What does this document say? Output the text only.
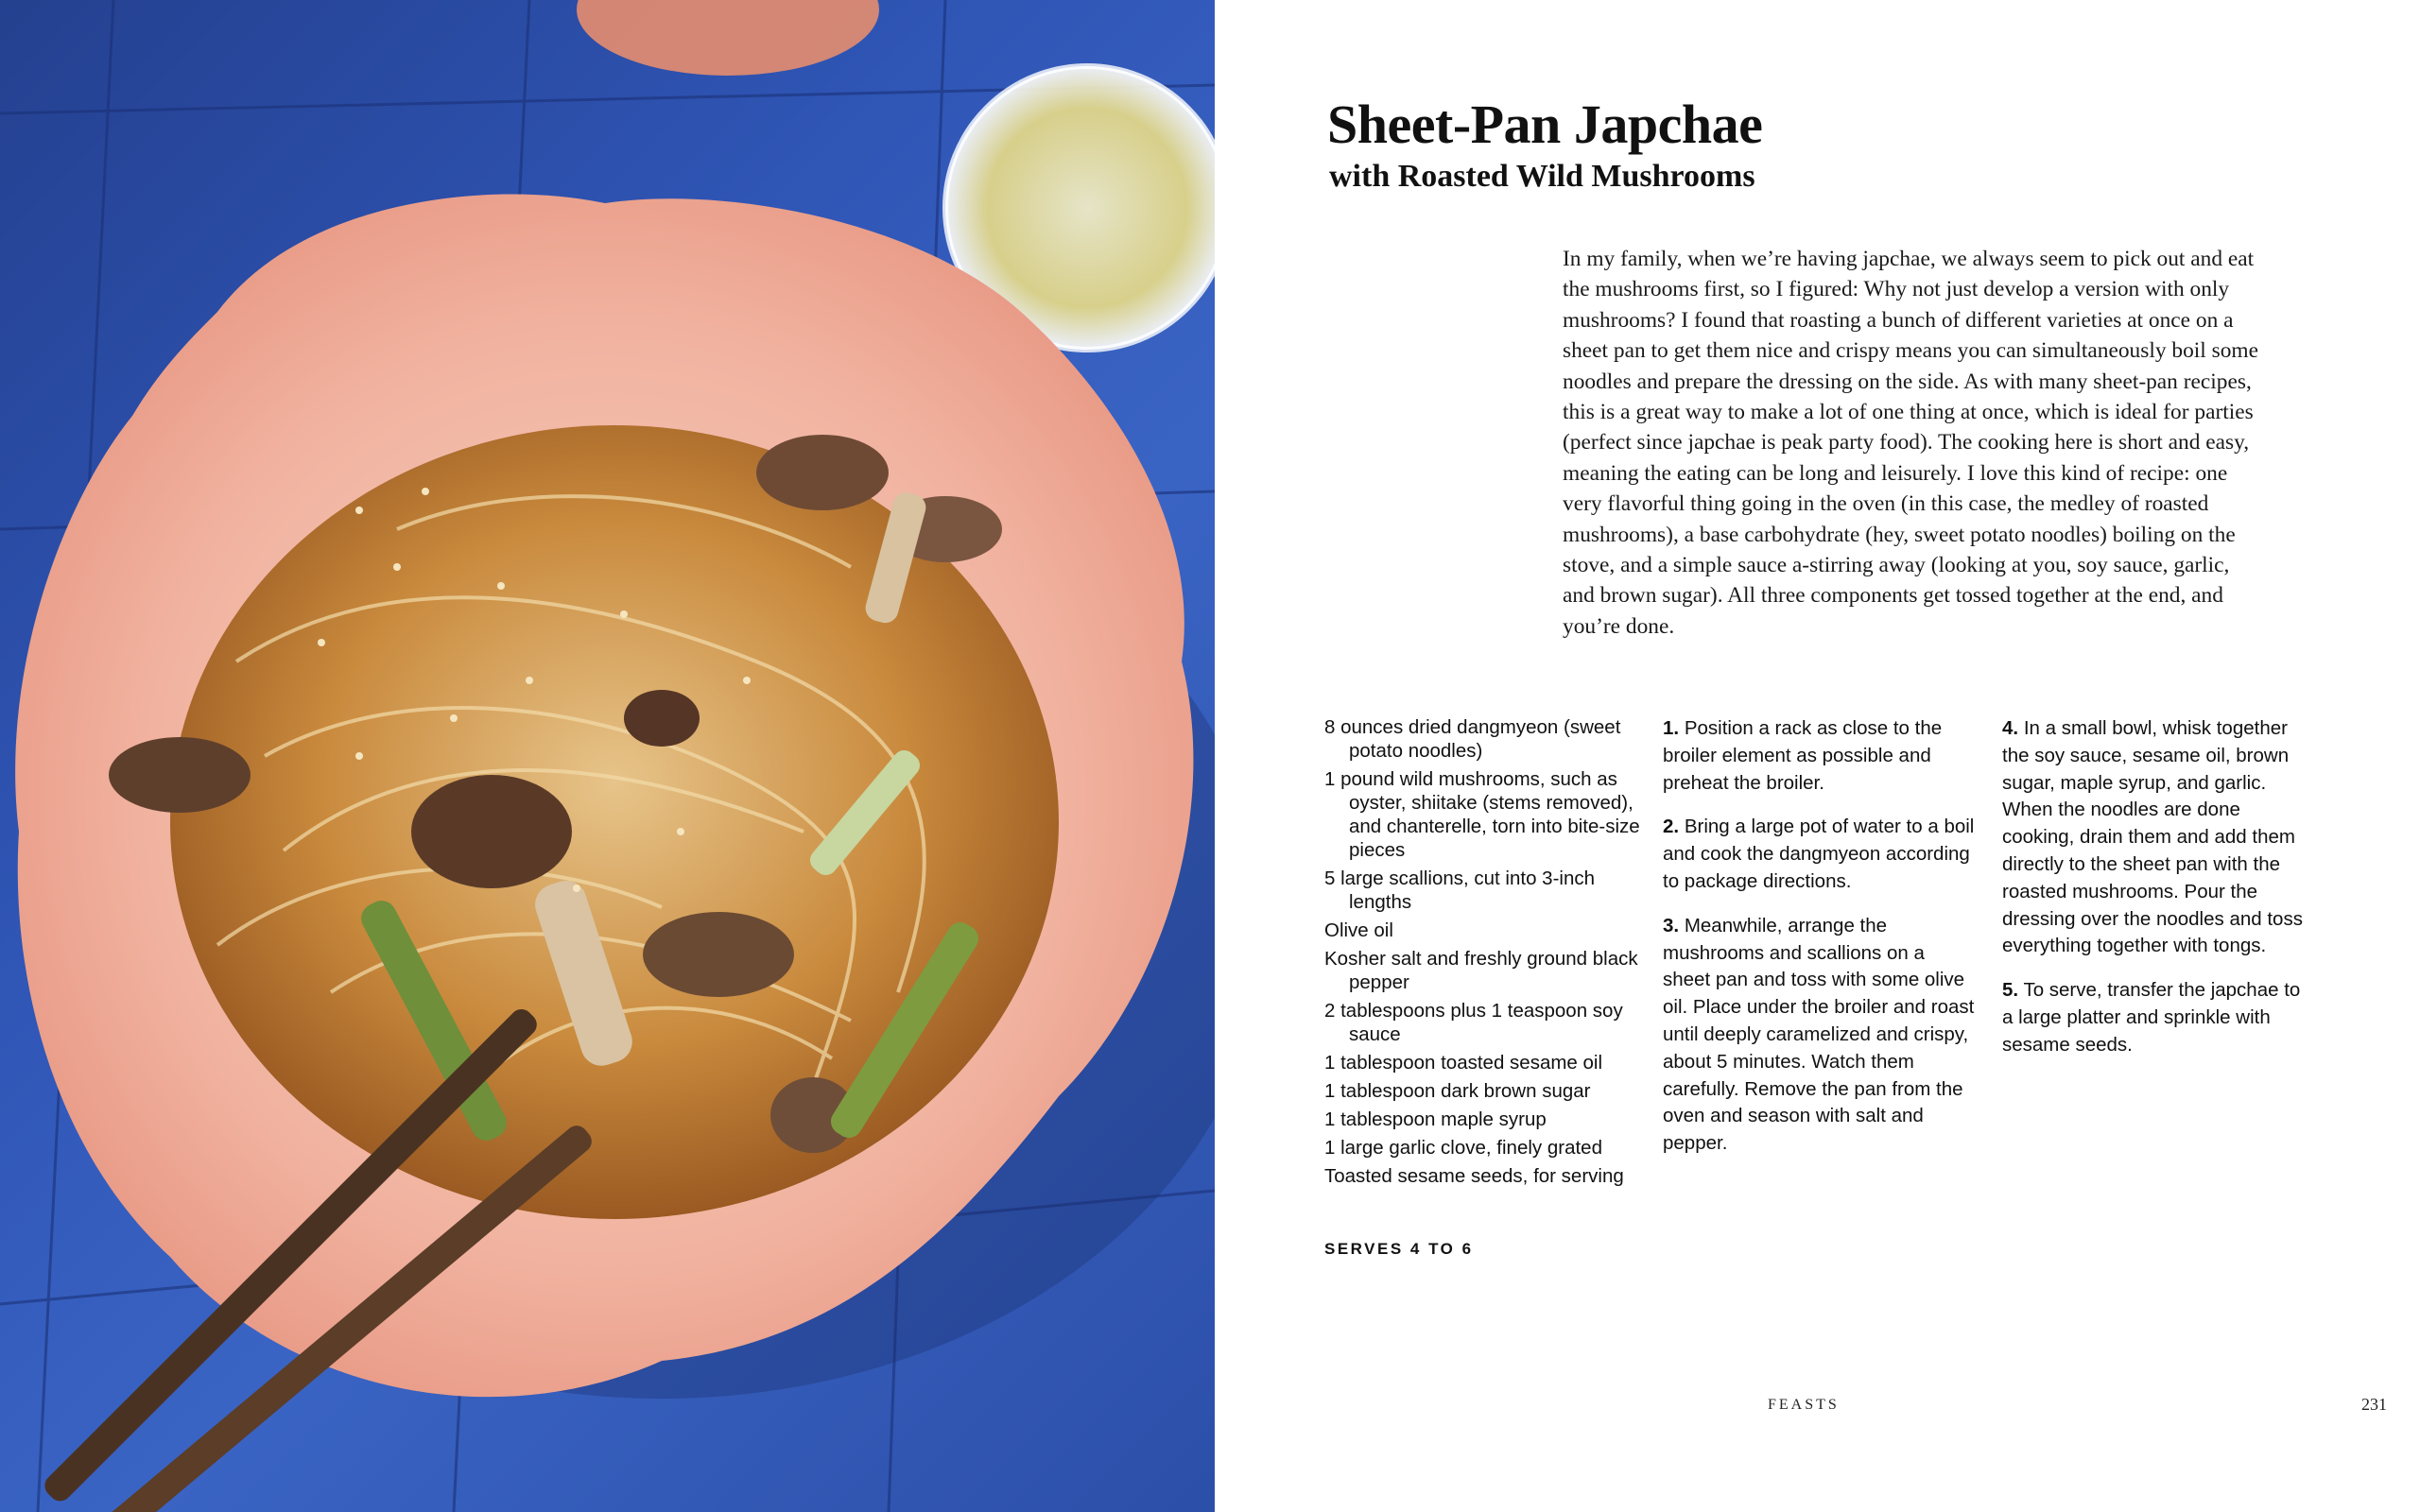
Sheet-Pan Japchae
with Roasted Wild Mushrooms

In my family, when we’re having japchae, we always seem to pick out and eat the mushrooms first, so I figured: Why not just develop a version with only mushrooms? I found that roasting a bunch of different varieties at once on a sheet pan to get them nice and crispy means you can simultaneously boil some noodles and prepare the dressing on the side. As with many sheet-pan recipes, this is a great way to make a lot of one thing at once, which is ideal for parties (perfect since japchae is peak party food). The cooking here is short and easy, meaning the eating can be long and leisurely. I love this kind of recipe: one very flavorful thing going in the oven (in this case, the medley of roasted mushrooms), a base carbohydrate (hey, sweet potato noodles) boiling on the stove, and a simple sauce a-stirring away (looking at you, soy sauce, garlic, and brown sugar). All three components get tossed together at the end, and you’re done.

8 ounces dried dangmyeon (sweet potato noodles)
1 pound wild mushrooms, such as oyster, shiitake (stems removed), and chanterelle, torn into bite-size pieces
5 large scallions, cut into 3-inch lengths
Olive oil
Kosher salt and freshly ground black pepper
2 tablespoons plus 1 teaspoon soy sauce
1 tablespoon toasted sesame oil
1 tablespoon dark brown sugar
1 tablespoon maple syrup
1 large garlic clove, finely grated
Toasted sesame seeds, for serving

SERVES 4 TO 6

1. Position a rack as close to the broiler element as possible and preheat the broiler.

2. Bring a large pot of water to a boil and cook the dangmyeon according to package directions.

3. Meanwhile, arrange the mushrooms and scallions on a sheet pan and toss with some olive oil. Place under the broiler and roast until deeply caramelized and crispy, about 5 minutes. Watch them carefully. Remove the pan from the oven and season with salt and pepper.

4. In a small bowl, whisk together the soy sauce, sesame oil, brown sugar, maple syrup, and garlic. When the noodles are done cooking, drain them and add them directly to the sheet pan with the roasted mushrooms. Pour the dressing over the noodles and toss everything together with tongs.

5. To serve, transfer the japchae to a large platter and sprinkle with sesame seeds.

FEASTS	231
